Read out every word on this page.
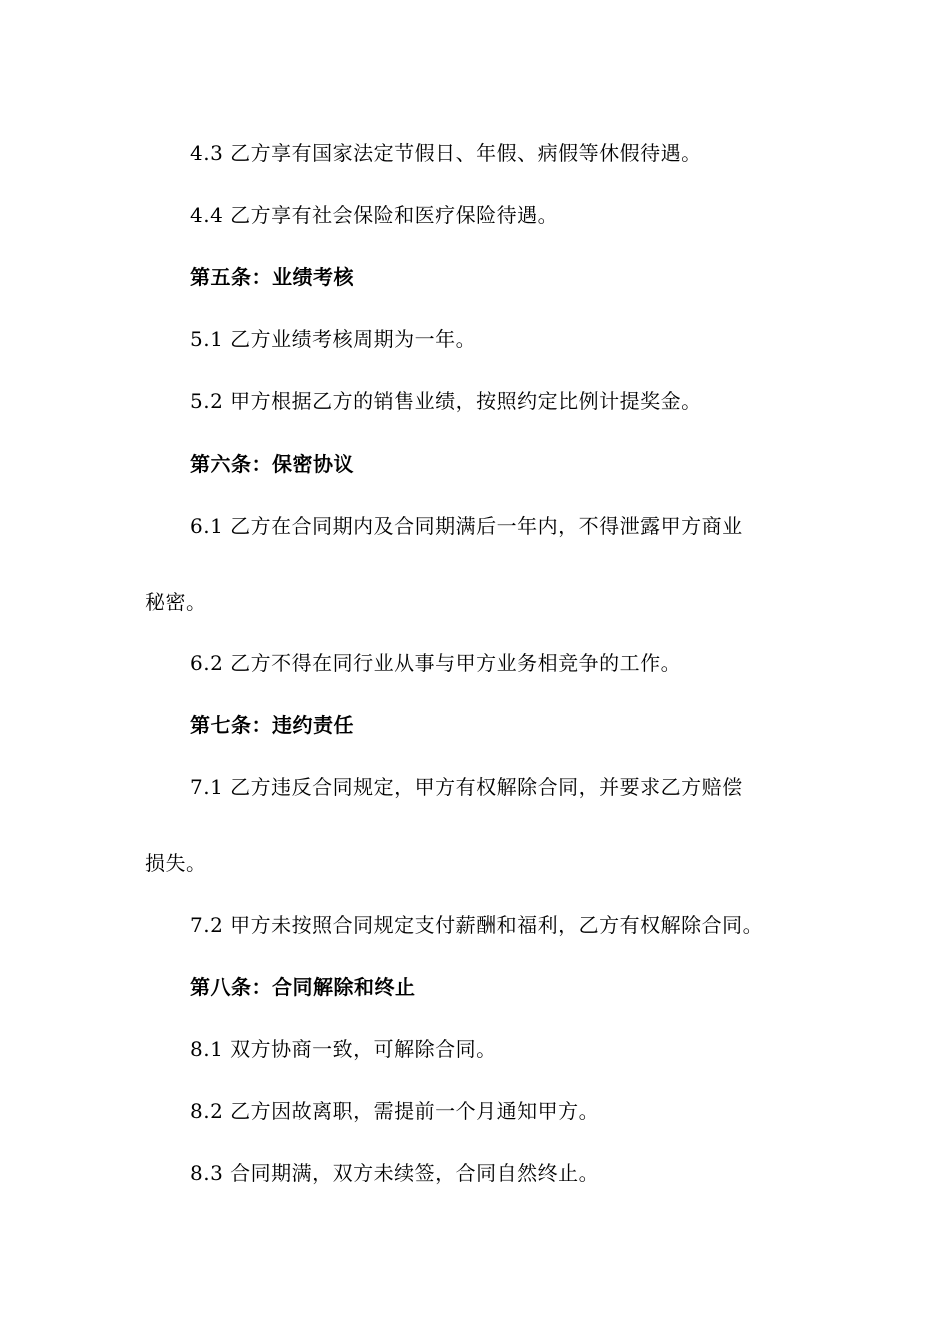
4.3 乙方享有国家法定节假日、年假、病假等休假待遇。
4.4 乙方享有社会保险和医疗保险待遇。
第五条：业绩考核
5.1 乙方业绩考核周期为一年。
5.2 甲方根据乙方的销售业绩，按照约定比例计提奖金。
第六条：保密协议
6.1 乙方在合同期内及合同期满后一年内，不得泄露甲方商业
秘密。
6.2 乙方不得在同行业从事与甲方业务相竞争的工作。
第七条：违约责任
7.1 乙方违反合同规定，甲方有权解除合同，并要求乙方赔偿
损失。
7.2 甲方未按照合同规定支付薪酬和福利，乙方有权解除合同。
第八条：合同解除和终止
8.1 双方协商一致，可解除合同。
8.2 乙方因故离职，需提前一个月通知甲方。
8.3 合同期满，双方未续签，合同自然终止。
